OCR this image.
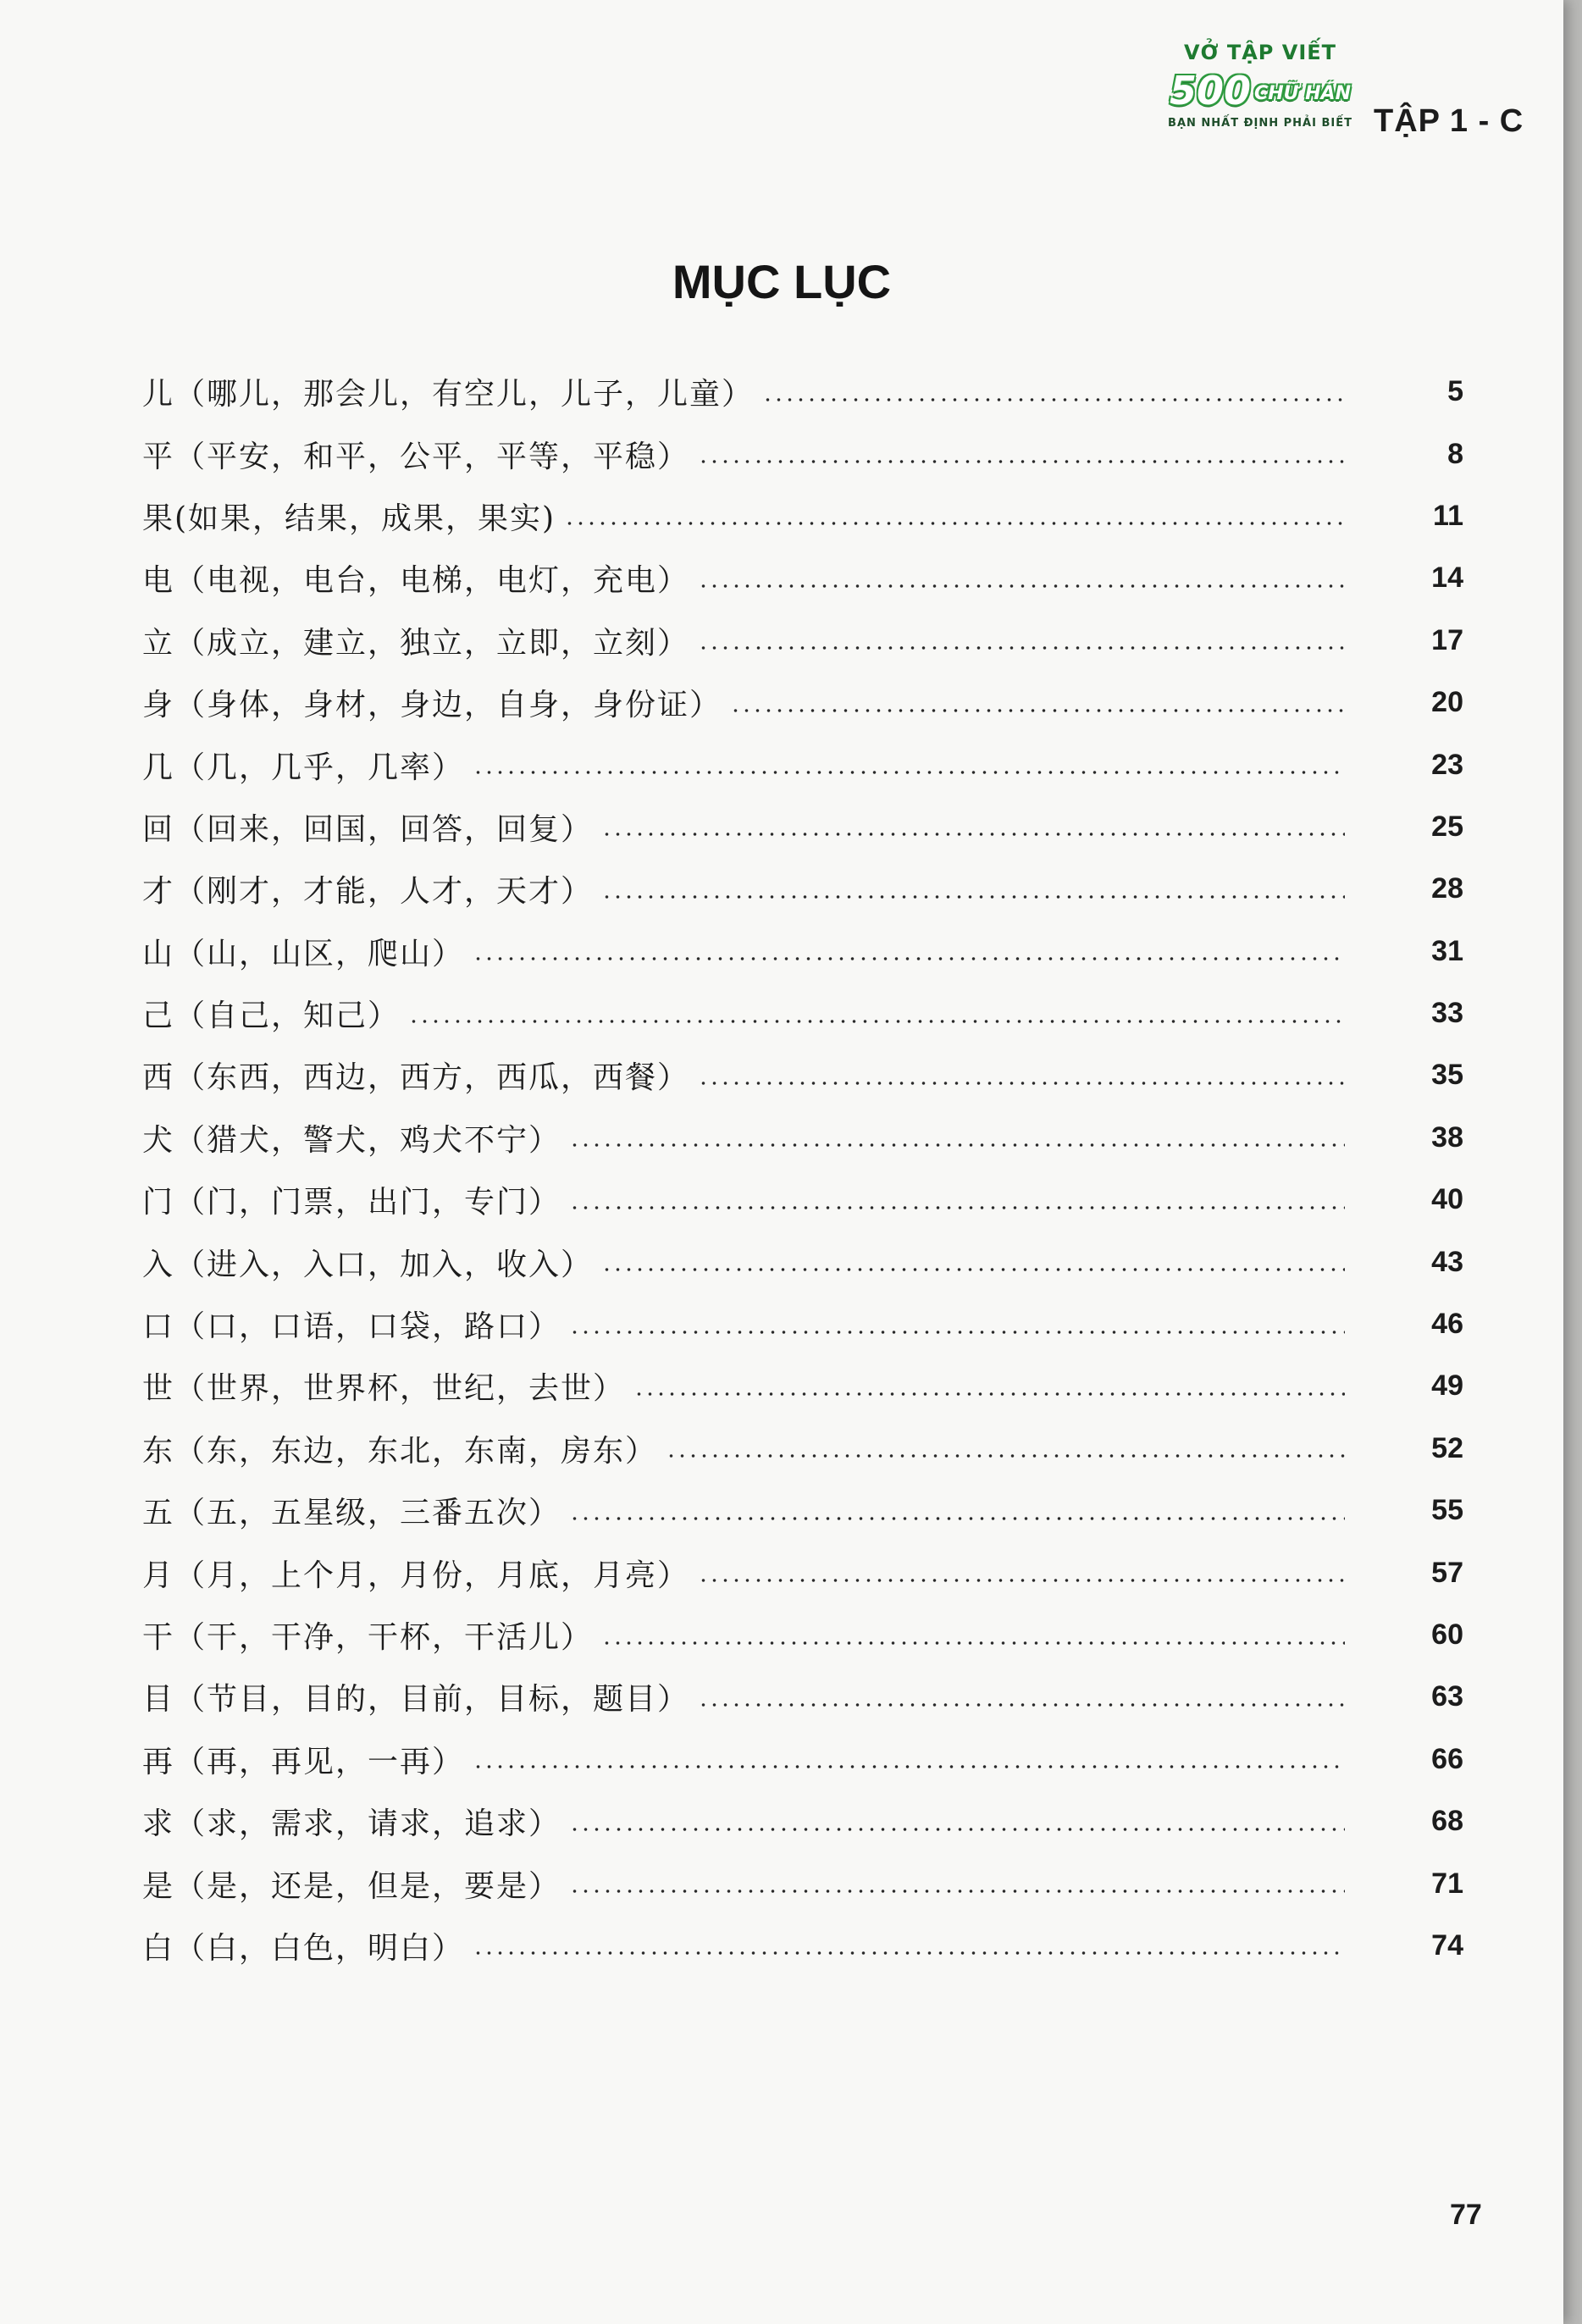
VỞ TẬP VIẾT
500 CHỮ HÁN
BẠN NHẤT ĐỊNH PHẢI BIẾT TẬP 1 - C
MỤC LỤC
儿（哪儿，那会儿，有空儿，儿子，儿童）	5
平（平安，和平，公平，平等，平稳）	8
果(如果，结果，成果，果实)	11
电（电视，电台，电梯，电灯，充电）	14
立（成立，建立，独立，立即，立刻）	17
身（身体，身材，身边，自身，身份证）	20
几（几，几乎，几率）	23
回（回来，回国，回答，回复）	25
才（刚才，才能，人才，天才）	28
山（山，山区，爬山）	31
己（自己，知己）	33
西（东西，西边，西方，西瓜，西餐）	35
犬（猎犬，警犬，鸡犬不宁）	38
门（门，门票，出门，专门）	40
入（进入，入口，加入，收入）	43
口（口，口语，口袋，路口）	46
世（世界，世界杯，世纪，去世）	49
东（东，东边，东北，东南，房东）	52
五（五，五星级，三番五次）	55
月（月，上个月，月份，月底，月亮）	57
干（干，干净，干杯，干活儿）	60
目（节目，目的，目前，目标，题目）	63
再（再，再见，一再）	66
求（求，需求，请求，追求）	68
是（是，还是，但是，要是）	71
白（白，白色，明白）	74
77
